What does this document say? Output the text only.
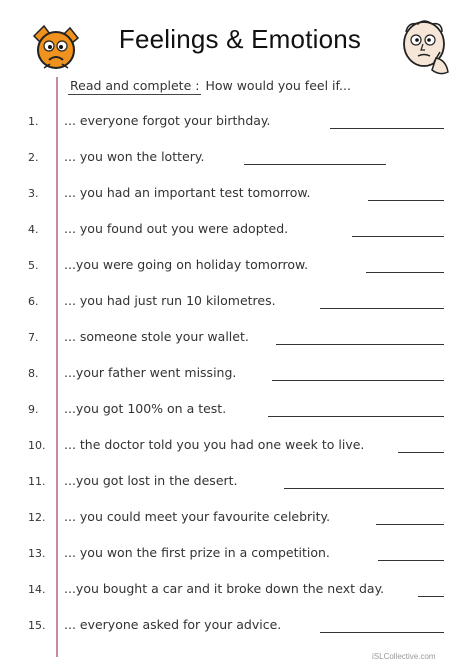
Feelings & Emotions
Read and complete : How would you feel if...
1.	... everyone forgot your birthday.
2.	... you won the lottery.
3.	... you had an important test tomorrow.
4.	... you found out you were adopted.
5.	...you were going on holiday tomorrow.
6.	... you had just run 10 kilometres.
7.	... someone stole your wallet.
8.	...your father went missing.
9.	...you got 100% on a test.
10.	... the doctor told you you had one week to live.
11.	...you got lost in the desert.
12.	... you could meet your favourite celebrity.
13.	... you won the first prize in a competition.
14.	...you bought a car and it broke down the next day.
15.	... everyone asked for your advice.
iSLCollective.com
